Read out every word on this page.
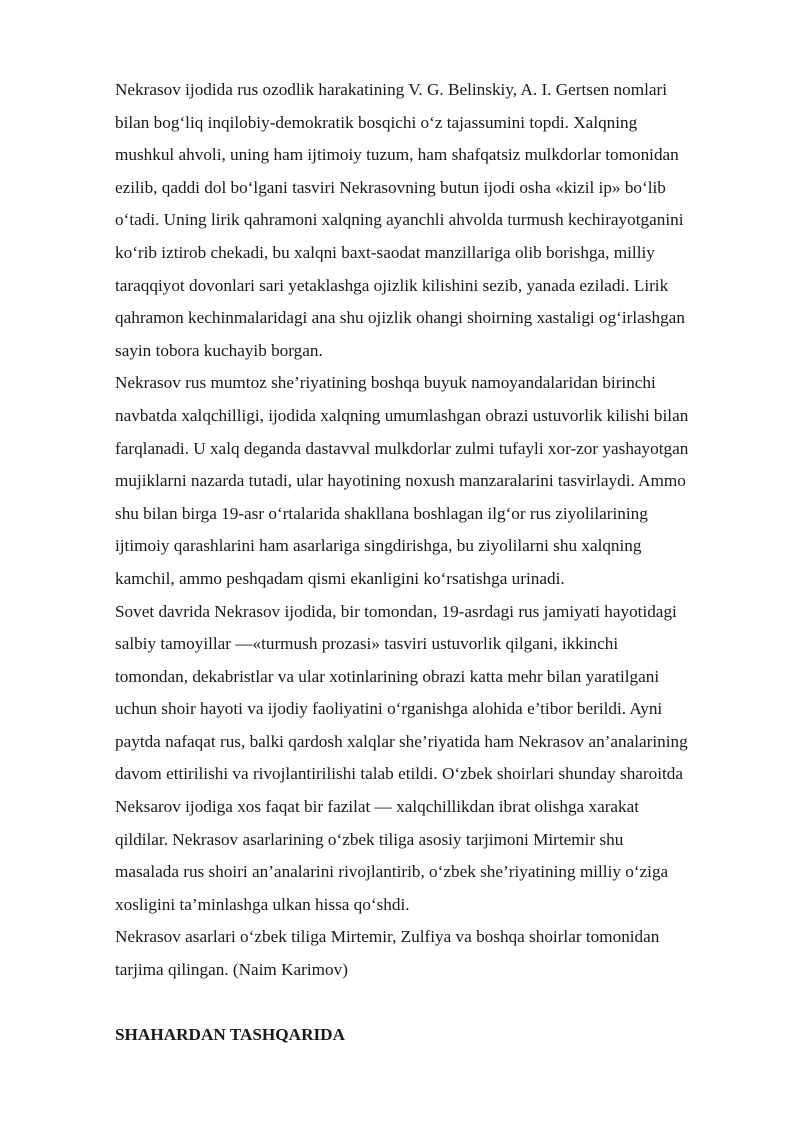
Nekrasov ijodida rus ozodlik harakatining V. G. Belinskiy, A. I. Gertsen nomlari
bilan bog‘liq inqilobiy-demokratik bosqichi o‘z tajassumini topdi. Xalqning
mushkul ahvoli, uning ham ijtimoiy tuzum, ham shafqatsiz mulkdorlar tomonidan
ezilib, qaddi dol bo‘lgani tasviri Nekrasovning butun ijodi osha «kizil ip» bo‘lib
o‘tadi. Uning lirik qahramoni xalqning ayanchli ahvolda turmush kechirayotganini
ko‘rib iztirob chekadi, bu xalqni baxt-saodat manzillariga olib borishga, milliy
taraqqiyot dovonlari sari yetaklashga ojizlik kilishini sezib, yanada eziladi. Lirik
qahramon kechinmalaridagi ana shu ojizlik ohangi shoirning xastaligi og‘irlashgan
sayin tobora kuchayib borgan.

Nekrasov rus mumtoz she’riyatining boshqa buyuk namoyandalaridan birinchi
navbatda xalqchilligi, ijodida xalqning umumlashgan obrazi ustuvorlik kilishi bilan
farqlanadi. U xalq deganda dastavval mulkdorlar zulmi tufayli xor-zor yashayotgan
mujiklarni nazarda tutadi, ular hayotining noxush manzaralarini tasvirlaydi. Ammo
shu bilan birga 19-asr o‘rtalarida shakllana boshlagan ilg‘or rus ziyolilarining
ijtimoiy qarashlarini ham asarlariga singdirishga, bu ziyolilarni shu xalqning
kamchil, ammo peshqadam qismi ekanligini ko‘rsatishga urinadi.

Sovet davrida Nekrasov ijodida, bir tomondan, 19-asrdagi rus jamiyati hayotidagi
salbiy tamoyillar —«turmush prozasi» tasviri ustuvorlik qilgani, ikkinchi
tomondan, dekabristlar va ular xotinlarining obrazi katta mehr bilan yaratilgani
uchun shoir hayoti va ijodiy faoliyatini o‘rganishga alohida e’tibor berildi. Ayni
paytda nafaqat rus, balki qardosh xalqlar she’riyatida ham Nekrasov an’analarining
davom ettirilishi va rivojlantirilishi talab etildi. O‘zbek shoirlari shunday sharoitda
Neksarov ijodiga xos faqat bir fazilat — xalqchillikdan ibrat olishga xarakat
qildilar. Nekrasov asarlarining o‘zbek tiliga asosiy tarjimoni Mirtemir shu
masalada rus shoiri an’analarini rivojlantirib, o‘zbek she’riyatining milliy o‘ziga
xosligini ta’minlashga ulkan hissa qo‘shdi.

Nekrasov asarlari o‘zbek tiliga Mirtemir, Zulfiya va boshqa shoirlar tomonidan
tarjima qilingan. (Naim Karimov)

SHAHARDAN TASHQARIDA
